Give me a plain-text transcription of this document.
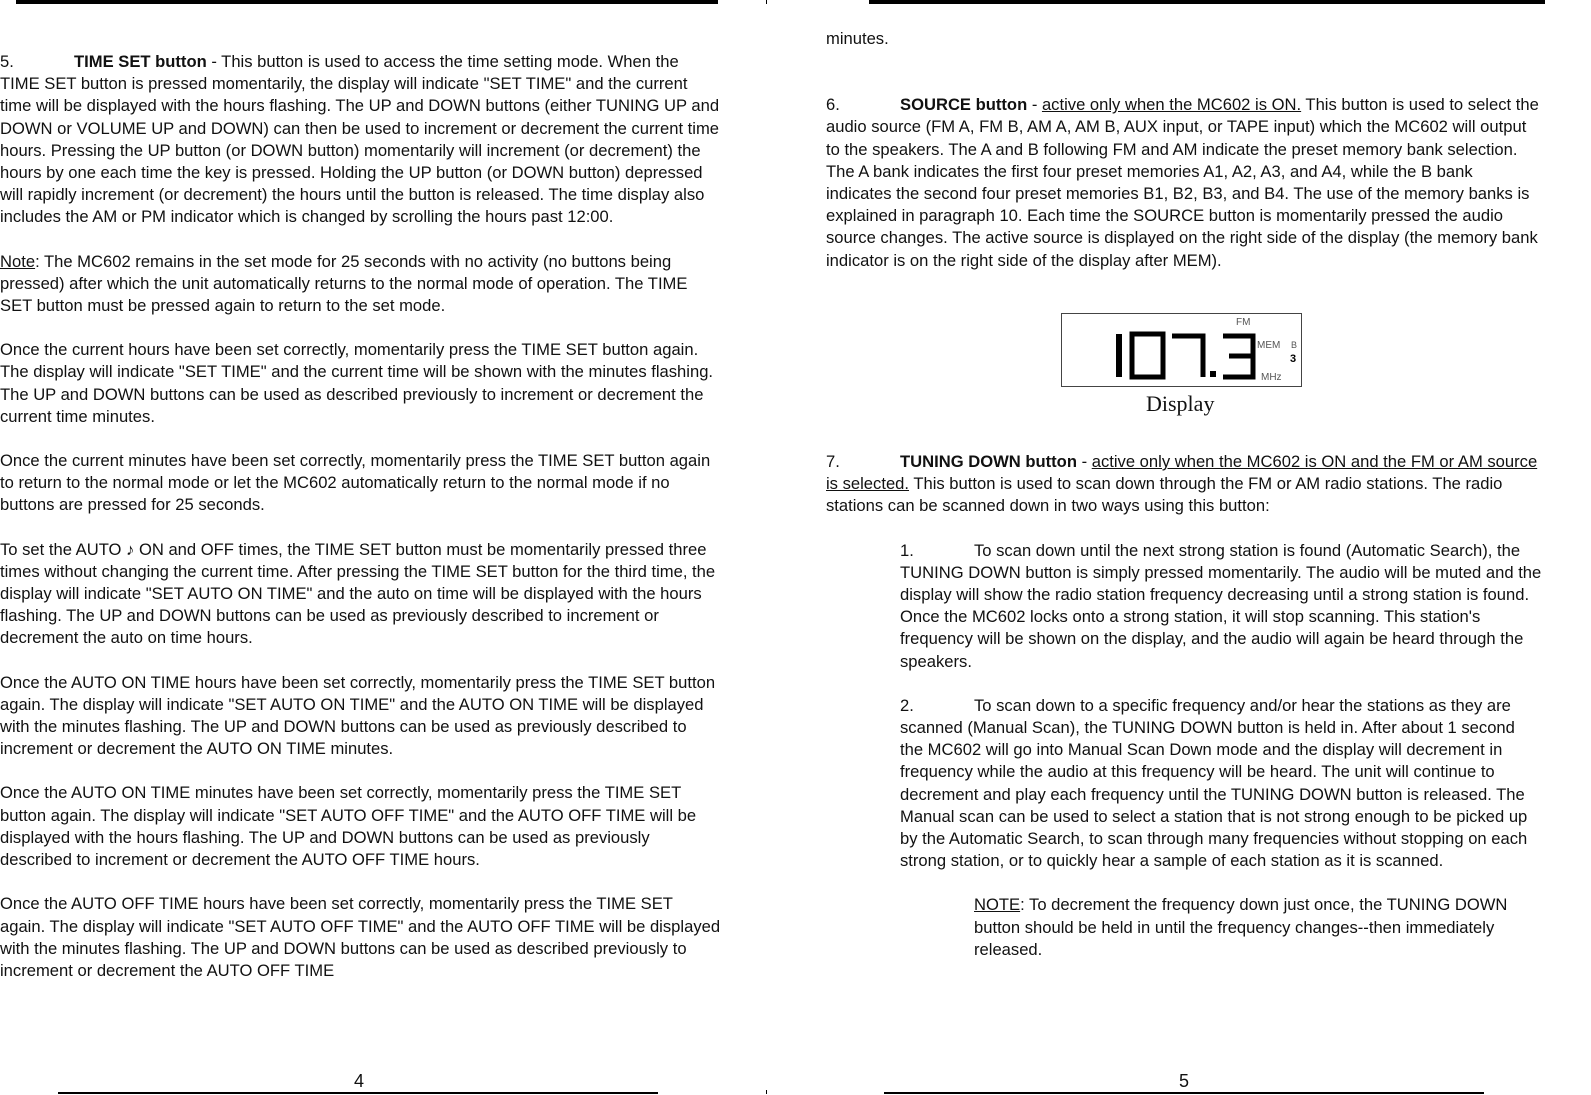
5.	TIME SET button - This button is used to access the time setting mode. When the TIME SET button is pressed momentarily, the display will indicate "SET TIME" and the current time will be displayed with the hours flashing. The UP and DOWN buttons (either TUNING UP and DOWN or VOLUME UP and DOWN) can then be used to increment or decrement the current time hours. Pressing the UP button (or DOWN button) momentarily will increment (or decrement) the hours by one each time the key is pressed. Holding the UP button (or DOWN button) depressed will rapidly increment (or decrement) the hours until the button is released. The time display also includes the AM or PM indicator which is changed by scrolling the hours past 12:00.

Note: The MC602 remains in the set mode for 25 seconds with no activity (no buttons being pressed) after which the unit automatically returns to the normal mode of operation. The TIME SET button must be pressed again to return to the set mode.

Once the current hours have been set correctly, momentarily press the TIME SET button again. The display will indicate "SET TIME" and the current time will be shown with the minutes flashing. The UP and DOWN buttons can be used as described previously to increment or decrement the current time minutes.

Once the current minutes have been set correctly, momentarily press the TIME SET button again to return to the normal mode or let the MC602 automatically return to the normal mode if no buttons are pressed for 25 seconds.

To set the AUTO ♪ ON and OFF times, the TIME SET button must be momentarily pressed three times without changing the current time. After pressing the TIME SET button for the third time, the display will indicate "SET AUTO ON TIME" and the auto on time will be displayed with the hours flashing. The UP and DOWN buttons can be used as previously described to increment or decrement the auto on time hours.

Once the AUTO ON TIME hours have been set correctly, momentarily press the TIME SET button again. The display will indicate "SET AUTO ON TIME" and the AUTO ON TIME will be displayed with the minutes flashing. The UP and DOWN buttons can be used as previously described to increment or decrement the AUTO ON TIME minutes.

Once the AUTO ON TIME minutes have been set correctly, momentarily press the TIME SET button again. The display will indicate "SET AUTO OFF TIME" and the AUTO OFF TIME will be displayed with the hours flashing. The UP and DOWN buttons can be used as previously described to increment or decrement the AUTO OFF TIME hours.

Once the AUTO OFF TIME hours have been set correctly, momentarily press the TIME SET again. The display will indicate "SET AUTO OFF TIME" and the AUTO OFF TIME will be displayed with the minutes flashing. The UP and DOWN buttons can be used as described previously to increment or decrement the AUTO OFF TIME

4

minutes.

6.	SOURCE button - active only when the MC602 is ON. This button is used to select the audio source (FM A, FM B, AM A, AM B, AUX input, or TAPE input) which the MC602 will output to the speakers. The A and B following FM and AM indicate the preset memory bank selection. The A bank indicates the first four preset memories A1, A2, A3, and A4, while the B bank indicates the second four preset memories B1, B2, B3, and B4. The use of the memory banks is explained in paragraph 10. Each time the SOURCE button is momentarily pressed the audio source changes. The active source is displayed on the right side of the display (the memory bank indicator is on the right side of the display after MEM).

FM
MEM B
3
MHz
Display

7.	TUNING DOWN button - active only when the MC602 is ON and the FM or AM source is selected. This button is used to scan down through the FM or AM radio stations. The radio stations can be scanned down in two ways using this button:

1.	To scan down until the next strong station is found (Automatic Search), the TUNING DOWN button is simply pressed momentarily. The audio will be muted and the display will show the radio station frequency decreasing until a strong station is found. Once the MC602 locks onto a strong station, it will stop scanning. This station's frequency will be shown on the display, and the audio will again be heard through the speakers.

2.	To scan down to a specific frequency and/or hear the stations as they are scanned (Manual Scan), the TUNING DOWN button is held in. After about 1 second the MC602 will go into Manual Scan Down mode and the display will decrement in frequency while the audio at this frequency will be heard. The unit will continue to decrement and play each frequency until the TUNING DOWN button is released. The Manual scan can be used to select a station that is not strong enough to be picked up by the Automatic Search, to scan through many frequencies without stopping on each strong station, or to quickly hear a sample of each station as it is scanned.

NOTE: To decrement the frequency down just once, the TUNING DOWN button should be held in until the frequency changes--then immediately released.

5
